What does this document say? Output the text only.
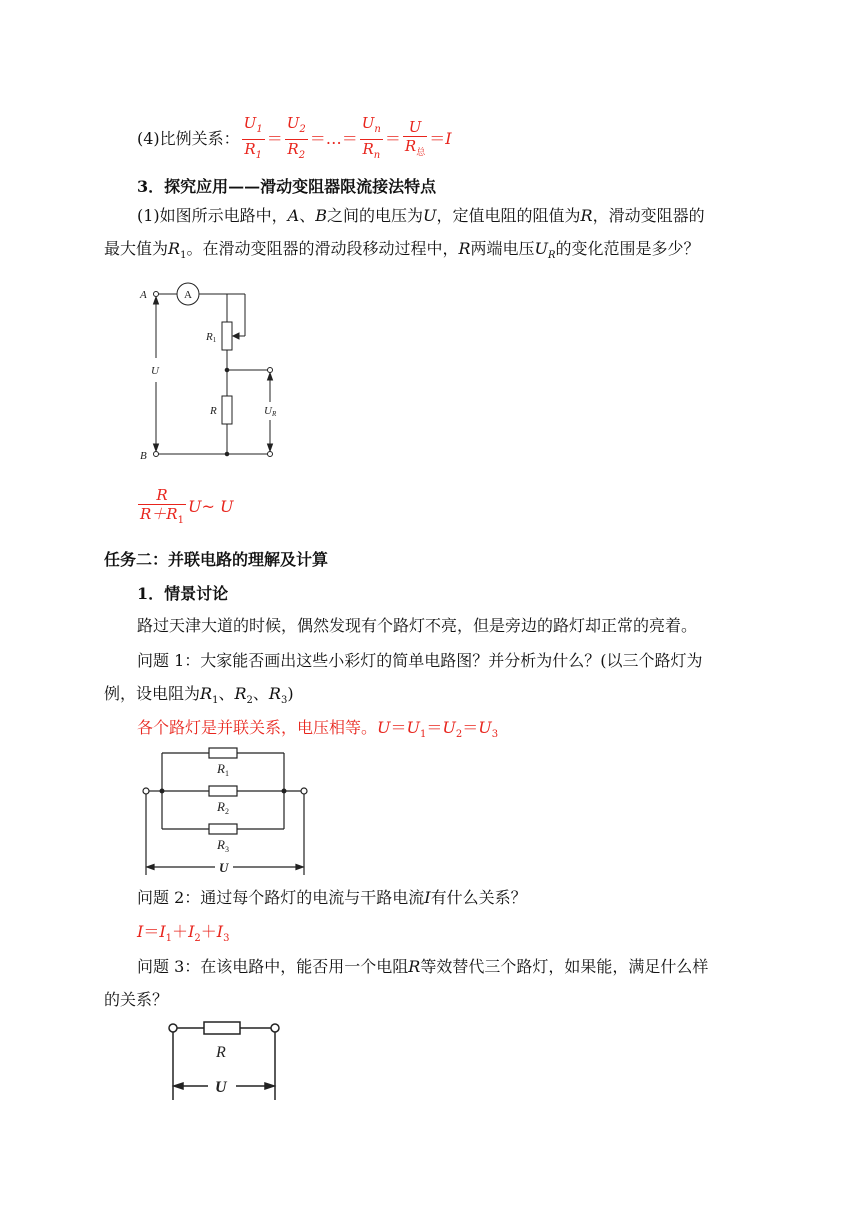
(4)比例关系： $\frac{U_1}{R_1} = \frac{U_2}{R_2}$ ＝…＝ $\frac{U_n}{R_n} = \frac{U}{R_总} =I$
3．探究应用——滑动变阻器限流接法特点
(1)如图所示电路中，A、B之间的电压为U，定值电阻的阻值为R，滑动变阻器的
最大值为$R_1$。在滑动变阻器的滑动段移动过程中，R两端电压$U_R$的变化范围是多少？
A
B
U
R1
R	UR
A
$\frac{R}{R+R_1}$ U~ U
任务二：并联电路的理解及计算
1．情景讨论
路过天津大道的时候，偶然发现有个路灯不亮，但是旁边的路灯却正常的亮着。
问题 1：大家能否画出这些小彩灯的简单电路图？并分析为什么？(以三个路灯为
例，设电阻为$R_1$、$R_2$、$R_3$)
各个路灯是并联关系，电压相等。$U=U_1=U_2=U_3$
$R_1$
$R_2$
$R_3$
U
问题 2：通过每个路灯的电流与干路电流I有什么关系？
$I=I_1+I_2+I_3$
问题 3：在该电路中，能否用一个电阻R等效替代三个路灯，如果能，满足什么样
的关系？
R
U
